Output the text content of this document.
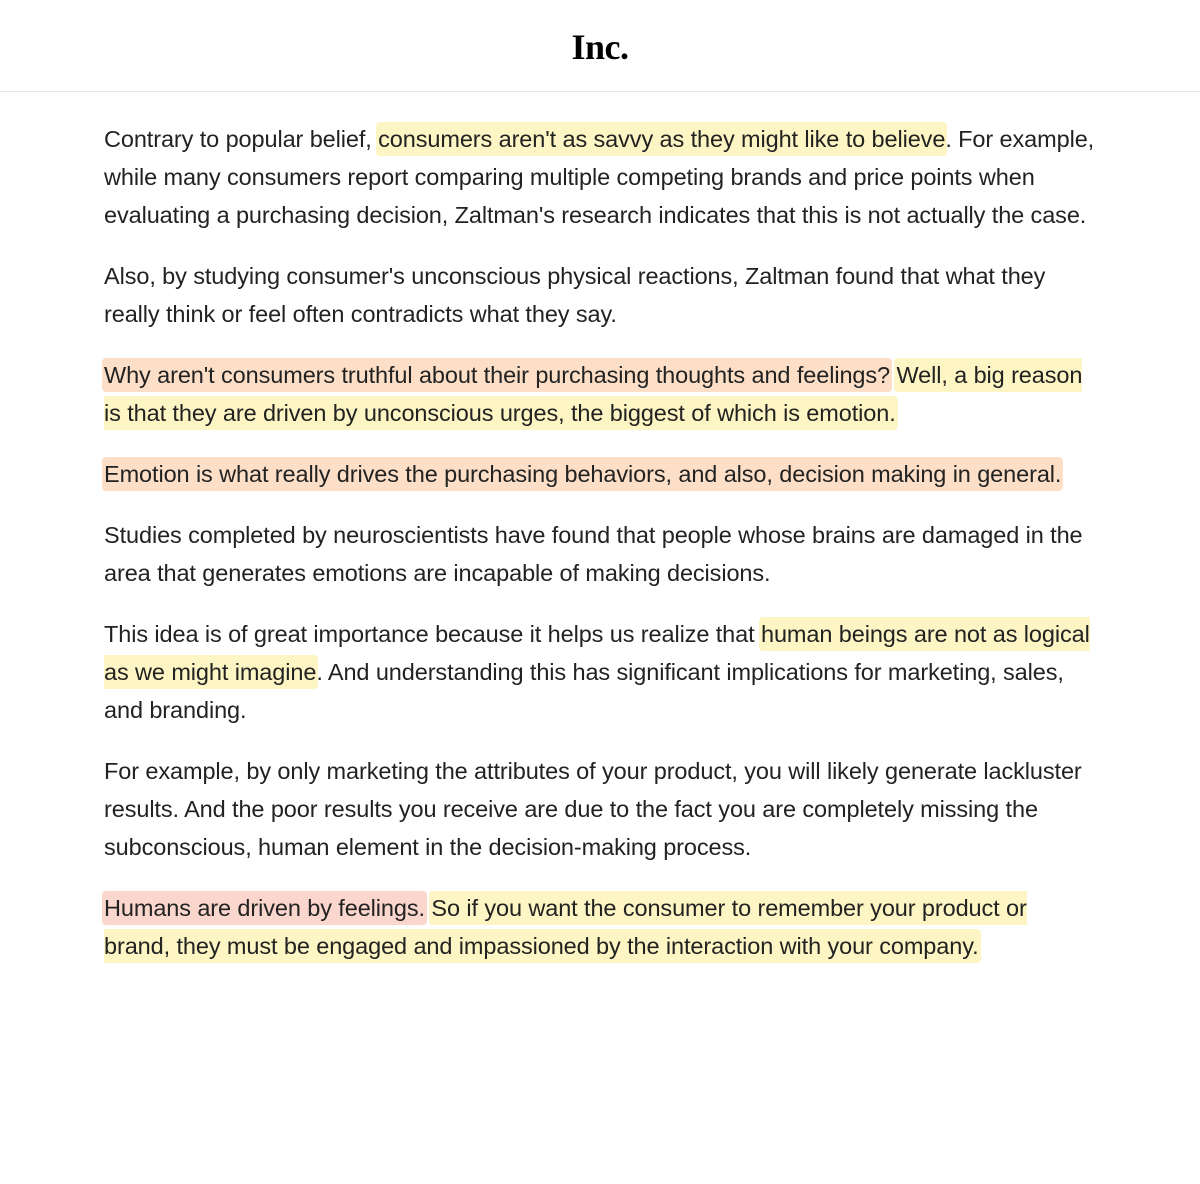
Inc.

Contrary to popular belief, consumers aren't as savvy as they might like to believe. For example, while many consumers report comparing multiple competing brands and price points when evaluating a purchasing decision, Zaltman's research indicates that this is not actually the case.

Also, by studying consumer's unconscious physical reactions, Zaltman found that what they really think or feel often contradicts what they say.

Why aren't consumers truthful about their purchasing thoughts and feelings? Well, a big reason is that they are driven by unconscious urges, the biggest of which is emotion.

Emotion is what really drives the purchasing behaviors, and also, decision making in general.

Studies completed by neuroscientists have found that people whose brains are damaged in the area that generates emotions are incapable of making decisions.

This idea is of great importance because it helps us realize that human beings are not as logical as we might imagine. And understanding this has significant implications for marketing, sales, and branding.

For example, by only marketing the attributes of your product, you will likely generate lackluster results. And the poor results you receive are due to the fact you are completely missing the subconscious, human element in the decision-making process.

Humans are driven by feelings. So if you want the consumer to remember your product or brand, they must be engaged and impassioned by the interaction with your company.
